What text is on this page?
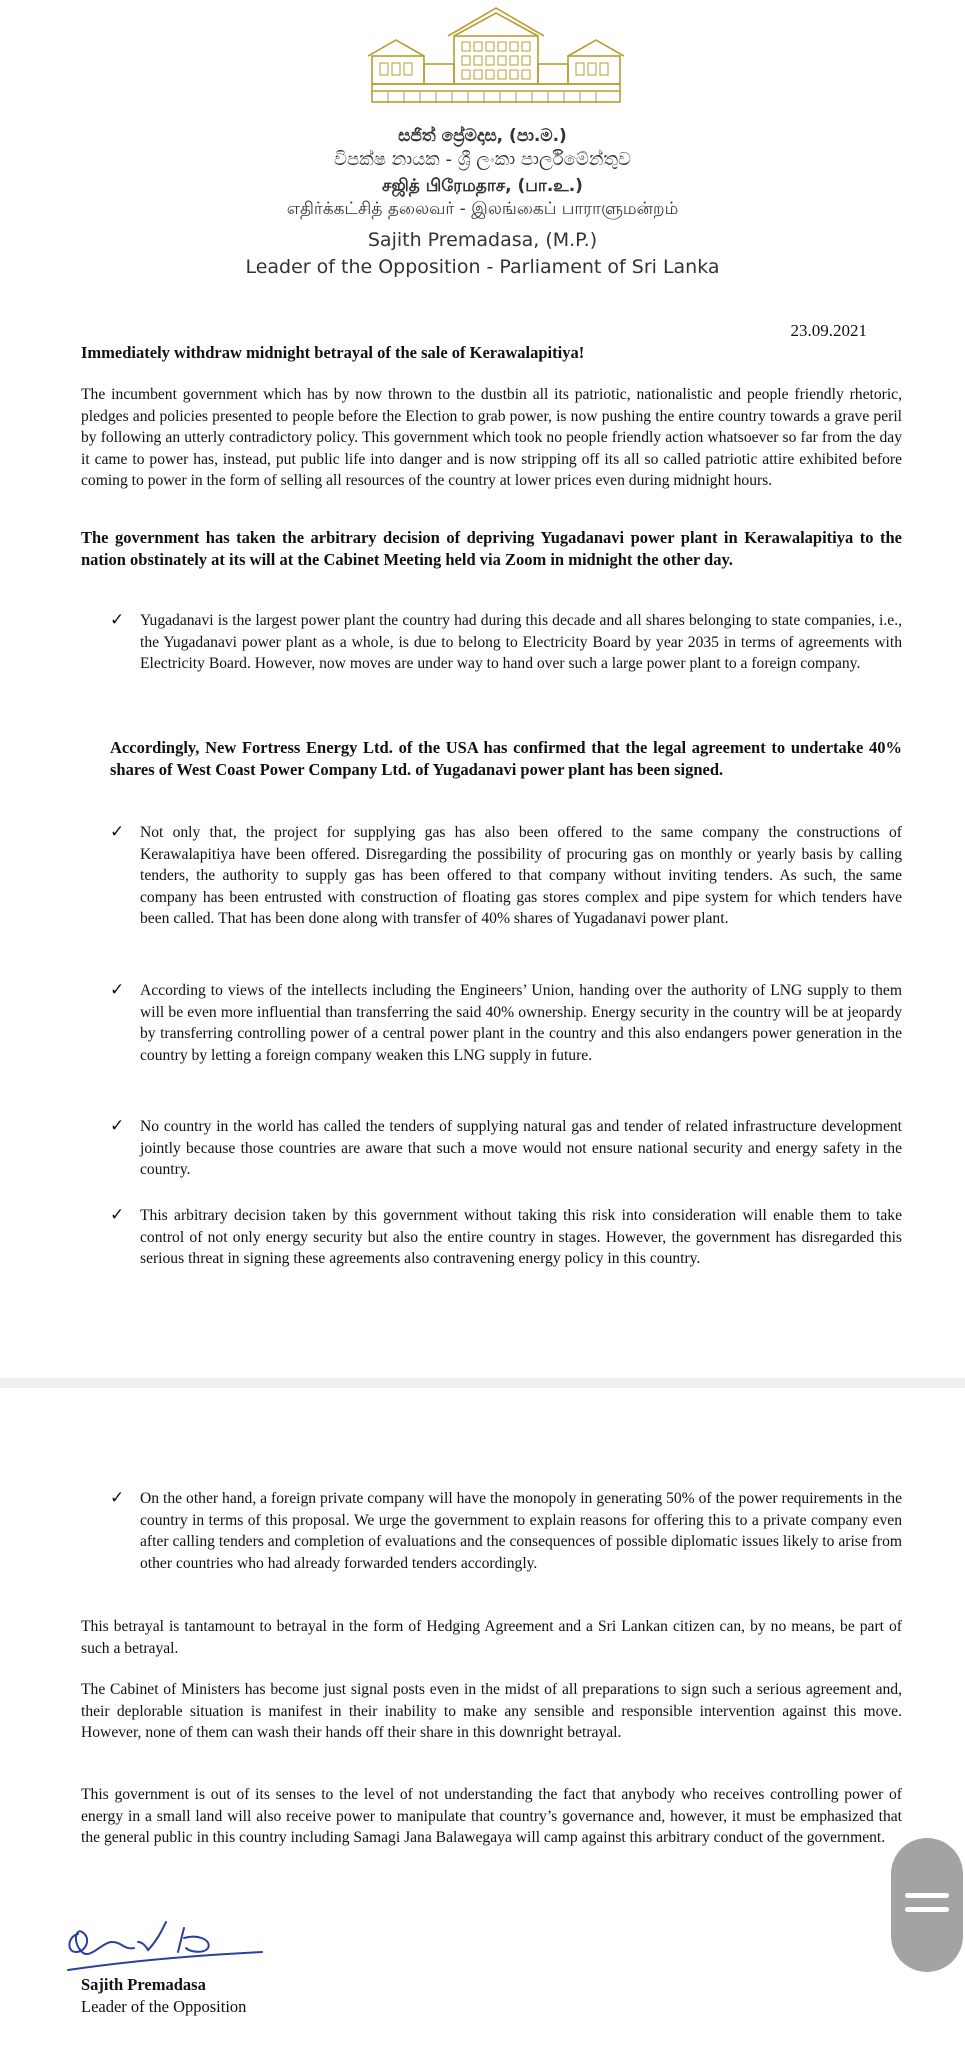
සජිත් ප්‍රේමදාස, (පා.ම.)
විපක්ෂ නායක - ශ්‍රී ලංකා පාර්ලිමේන්තුව
சஜித் பிரேமதாச, (பா.உ.)
எதிர்க்கட்சித் தலைவர் - இலங்கைப் பாராளுமன்றம்
Sajith Premadasa, (M.P.)
Leader of the Opposition - Parliament of Sri Lanka
23.09.2021
Immediately withdraw midnight betrayal of the sale of Kerawalapitiya!

The incumbent government which has by now thrown to the dustbin all its patriotic, nationalistic and people friendly rhetoric, pledges and policies presented to people before the Election to grab power, is now pushing the entire country towards a grave peril by following an utterly contradictory policy. This government which took no people friendly action whatsoever so far from the day it came to power has, instead, put public life into danger and is now stripping off its all so called patriotic attire exhibited before coming to power in the form of selling all resources of the country at lower prices even during midnight hours.

The government has taken the arbitrary decision of depriving Yugadanavi power plant in Kerawalapitiya to the nation obstinately at its will at the Cabinet Meeting held via Zoom in midnight the other day.

✓ Yugadanavi is the largest power plant the country had during this decade and all shares belonging to state companies, i.e., the Yugadanavi power plant as a whole, is due to belong to Electricity Board by year 2035 in terms of agreements with Electricity Board. However, now moves are under way to hand over such a large power plant to a foreign company.

Accordingly, New Fortress Energy Ltd. of the USA has confirmed that the legal agreement to undertake 40% shares of West Coast Power Company Ltd. of Yugadanavi power plant has been signed.

✓ Not only that, the project for supplying gas has also been offered to the same company the constructions of Kerawalapitiya have been offered. Disregarding the possibility of procuring gas on monthly or yearly basis by calling tenders, the authority to supply gas has been offered to that company without inviting tenders. As such, the same company has been entrusted with construction of floating gas stores complex and pipe system for which tenders have been called. That has been done along with transfer of 40% shares of Yugadanavi power plant.

✓ According to views of the intellects including the Engineers’ Union, handing over the authority of LNG supply to them will be even more influential than transferring the said 40% ownership. Energy security in the country will be at jeopardy by transferring controlling power of a central power plant in the country and this also endangers power generation in the country by letting a foreign company weaken this LNG supply in future.

✓ No country in the world has called the tenders of supplying natural gas and tender of related infrastructure development jointly because those countries are aware that such a move would not ensure national security and energy safety in the country.

✓ This arbitrary decision taken by this government without taking this risk into consideration will enable them to take control of not only energy security but also the entire country in stages. However, the government has disregarded this serious threat in signing these agreements also contravening energy policy in this country.

✓ On the other hand, a foreign private company will have the monopoly in generating 50% of the power requirements in the country in terms of this proposal. We urge the government to explain reasons for offering this to a private company even after calling tenders and completion of evaluations and the consequences of possible diplomatic issues likely to arise from other countries who had already forwarded tenders accordingly.

This betrayal is tantamount to betrayal in the form of Hedging Agreement and a Sri Lankan citizen can, by no means, be part of such a betrayal.

The Cabinet of Ministers has become just signal posts even in the midst of all preparations to sign such a serious agreement and, their deplorable situation is manifest in their inability to make any sensible and responsible intervention against this move. However, none of them can wash their hands off their share in this downright betrayal.

This government is out of its senses to the level of not understanding the fact that anybody who receives controlling power of energy in a small land will also receive power to manipulate that country’s governance and, however, it must be emphasized that the general public in this country including Samagi Jana Balawegaya will camp against this arbitrary conduct of the government.

Sajith Premadasa
Leader of the Opposition
